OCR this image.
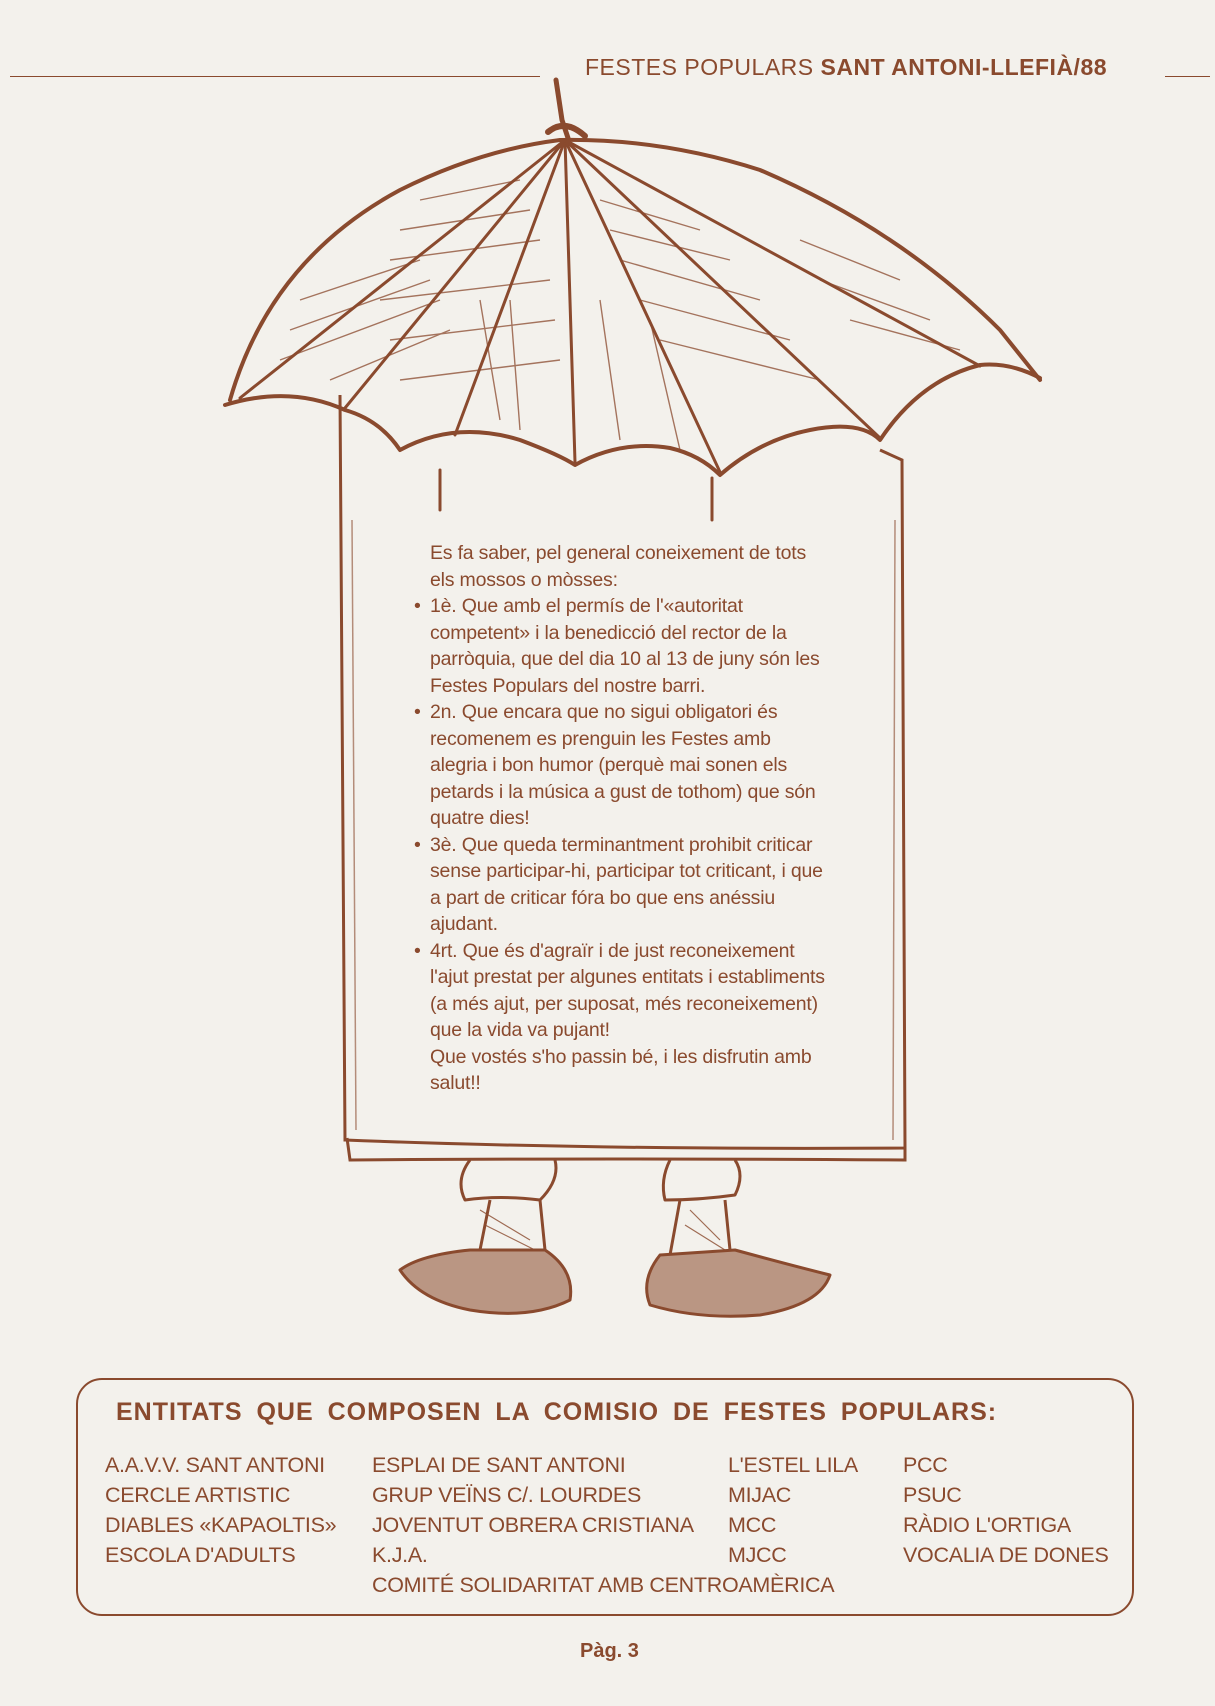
FESTES POPULARS SANT ANTONI-LLEFIÀ/88

Es fa saber, pel general coneixement de tots els mossos o mòsses:

• 1è. Que amb el permís de l'«autoritat competent» i la benedicció del rector de la parròquia, que del dia 10 al 13 de juny són les Festes Populars del nostre barri.

• 2n. Que encara que no sigui obligatori és recomenem es prenguin les Festes amb alegria i bon humor (perquè mai sonen els petards i la música a gust de tothom) que són quatre dies!

• 3è. Que queda terminantment prohibit criticar sense participar-hi, participar tot criticant, i que a part de criticar fóra bo que ens anéssiu ajudant.

• 4rt. Que és d'agraïr i de just reconeixement l'ajut prestat per algunes entitats i establiments (a més ajut, per suposat, més reconeixement) que la vida va pujant!

Que vostés s'ho passin bé, i les disfrutin amb salut!!

ENTITATS QUE COMPOSEN LA COMISIO DE FESTES POPULARS:
A.A.V.V. SANT ANTONI
CERCLE ARTISTIC
DIABLES «KAPAOLTIS»
ESCOLA D'ADULTS
ESPLAI DE SANT ANTONI
GRUP VEÏNS C/. LOURDES
JOVENTUT OBRERA CRISTIANA
K.J.A.
COMITÉ SOLIDARITAT AMB CENTROAMÈRICA
L'ESTEL LILA
MIJAC
MCC
MJCC
PCC
PSUC
RÀDIO L'ORTIGA
VOCALIA DE DONES
Pàg. 3
